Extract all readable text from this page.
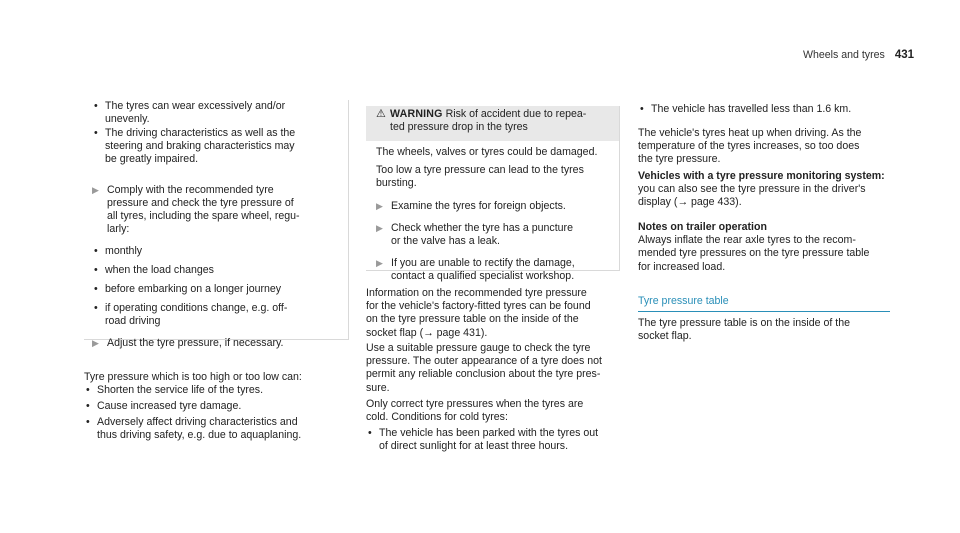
Wheels and tyres 431
• The tyres can wear excessively and/or
unevenly.
• The driving characteristics as well as the
steering and braking characteristics may
be greatly impaired.
▶ Comply with the recommended tyre
pressure and check the tyre pressure of
all tyres, including the spare wheel, regu-
larly:
• monthly
• when the load changes
• before embarking on a longer journey
• if operating conditions change, e.g. off-
road driving
▶ Adjust the tyre pressure, if necessary.
Tyre pressure which is too high or too low can:
• Shorten the service life of the tyres.
• Cause increased tyre damage.
• Adversely affect driving characteristics and
thus driving safety, e.g. due to aquaplaning.
⚠ WARNING Risk of accident due to repea-
ted pressure drop in the tyres
The wheels, valves or tyres could be damaged.
Too low a tyre pressure can lead to the tyres
bursting.
▶ Examine the tyres for foreign objects.
▶ Check whether the tyre has a puncture
or the valve has a leak.
▶ If you are unable to rectify the damage,
contact a qualified specialist workshop.
Information on the recommended tyre pressure
for the vehicle's factory-fitted tyres can be found
on the tyre pressure table on the inside of the
socket flap (→ page 431).
Use a suitable pressure gauge to check the tyre
pressure. The outer appearance of a tyre does not
permit any reliable conclusion about the tyre pres-
sure.
Only correct tyre pressures when the tyres are
cold. Conditions for cold tyres:
• The vehicle has been parked with the tyres out
of direct sunlight for at least three hours.
• The vehicle has travelled less than 1.6 km.
The vehicle's tyres heat up when driving. As the
temperature of the tyres increases, so too does
the tyre pressure.
Vehicles with a tyre pressure monitoring system:
you can also see the tyre pressure in the driver's
display (→ page 433).
Notes on trailer operation
Always inflate the rear axle tyres to the recom-
mended tyre pressures on the tyre pressure table
for increased load.
Tyre pressure table
The tyre pressure table is on the inside of the
socket flap.
